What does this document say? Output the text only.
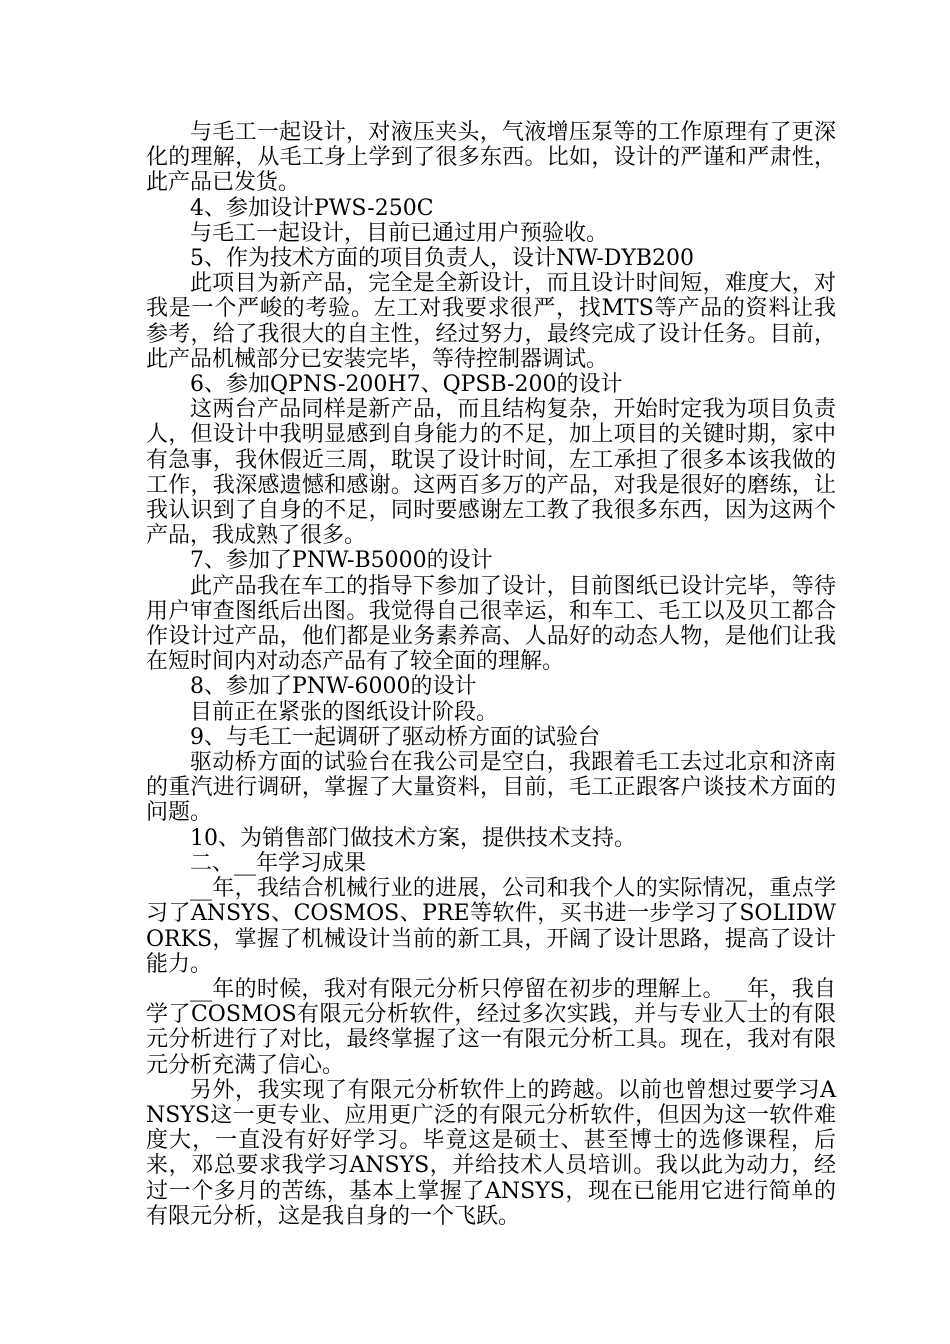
与毛工一起设计，对液压夹头，气液增压泵等的工作原理有了更深化的理解，从毛工身上学到了很多东西。比如，设计的严谨和严肃性，此产品已发货。

4、参加设计PWS-250C

与毛工一起设计，目前已通过用户预验收。

5、作为技术方面的项目负责人，设计NW-DYB200

此项目为新产品，完全是全新设计，而且设计时间短，难度大，对我是一个严峻的考验。左工对我要求很严，找MTS等产品的资料让我参考，给了我很大的自主性，经过努力，最终完成了设计任务。目前，此产品机械部分已安装完毕，等待控制器调试。

6、参加QPNS-200H7、QPSB-200的设计

这两台产品同样是新产品，而且结构复杂，开始时定我为项目负责人，但设计中我明显感到自身能力的不足，加上项目的关键时期，家中有急事，我休假近三周，耽误了设计时间，左工承担了很多本该我做的工作，我深感遗憾和感谢。这两百多万的产品，对我是很好的磨练，让我认识到了自身的不足，同时要感谢左工教了我很多东西，因为这两个产品，我成熟了很多。

7、参加了PNW-B5000的设计

此产品我在车工的指导下参加了设计，目前图纸已设计完毕，等待用户审查图纸后出图。我觉得自己很幸运，和车工、毛工以及贝工都合作设计过产品，他们都是业务素养高、人品好的动态人物，是他们让我在短时间内对动态产品有了较全面的理解。

8、参加了PNW-6000的设计

目前正在紧张的图纸设计阶段。

9、与毛工一起调研了驱动桥方面的试验台

驱动桥方面的试验台在我公司是空白，我跟着毛工去过北京和济南的重汽进行调研，掌握了大量资料，目前，毛工正跟客户谈技术方面的问题。

10、为销售部门做技术方案，提供技术支持。

二、__年学习成果

__年，我结合机械行业的进展，公司和我个人的实际情况，重点学习了ANSYS、COSMOS、PRE等软件，买书进一步学习了SOLIDWORKS，掌握了机械设计当前的新工具，开阔了设计思路，提高了设计能力。

__年的时候，我对有限元分析只停留在初步的理解上。__年，我自学了COSMOS有限元分析软件，经过多次实践，并与专业人士的有限元分析进行了对比，最终掌握了这一有限元分析工具。现在，我对有限元分析充满了信心。

另外，我实现了有限元分析软件上的跨越。以前也曾想过要学习ANSYS这一更专业、应用更广泛的有限元分析软件，但因为这一软件难度大，一直没有好好学习。毕竟这是硕士、甚至博士的选修课程，后来，邓总要求我学习ANSYS，并给技术人员培训。我以此为动力，经过一个多月的苦练，基本上掌握了ANSYS，现在已能用它进行简单的有限元分析，这是我自身的一个飞跃。
